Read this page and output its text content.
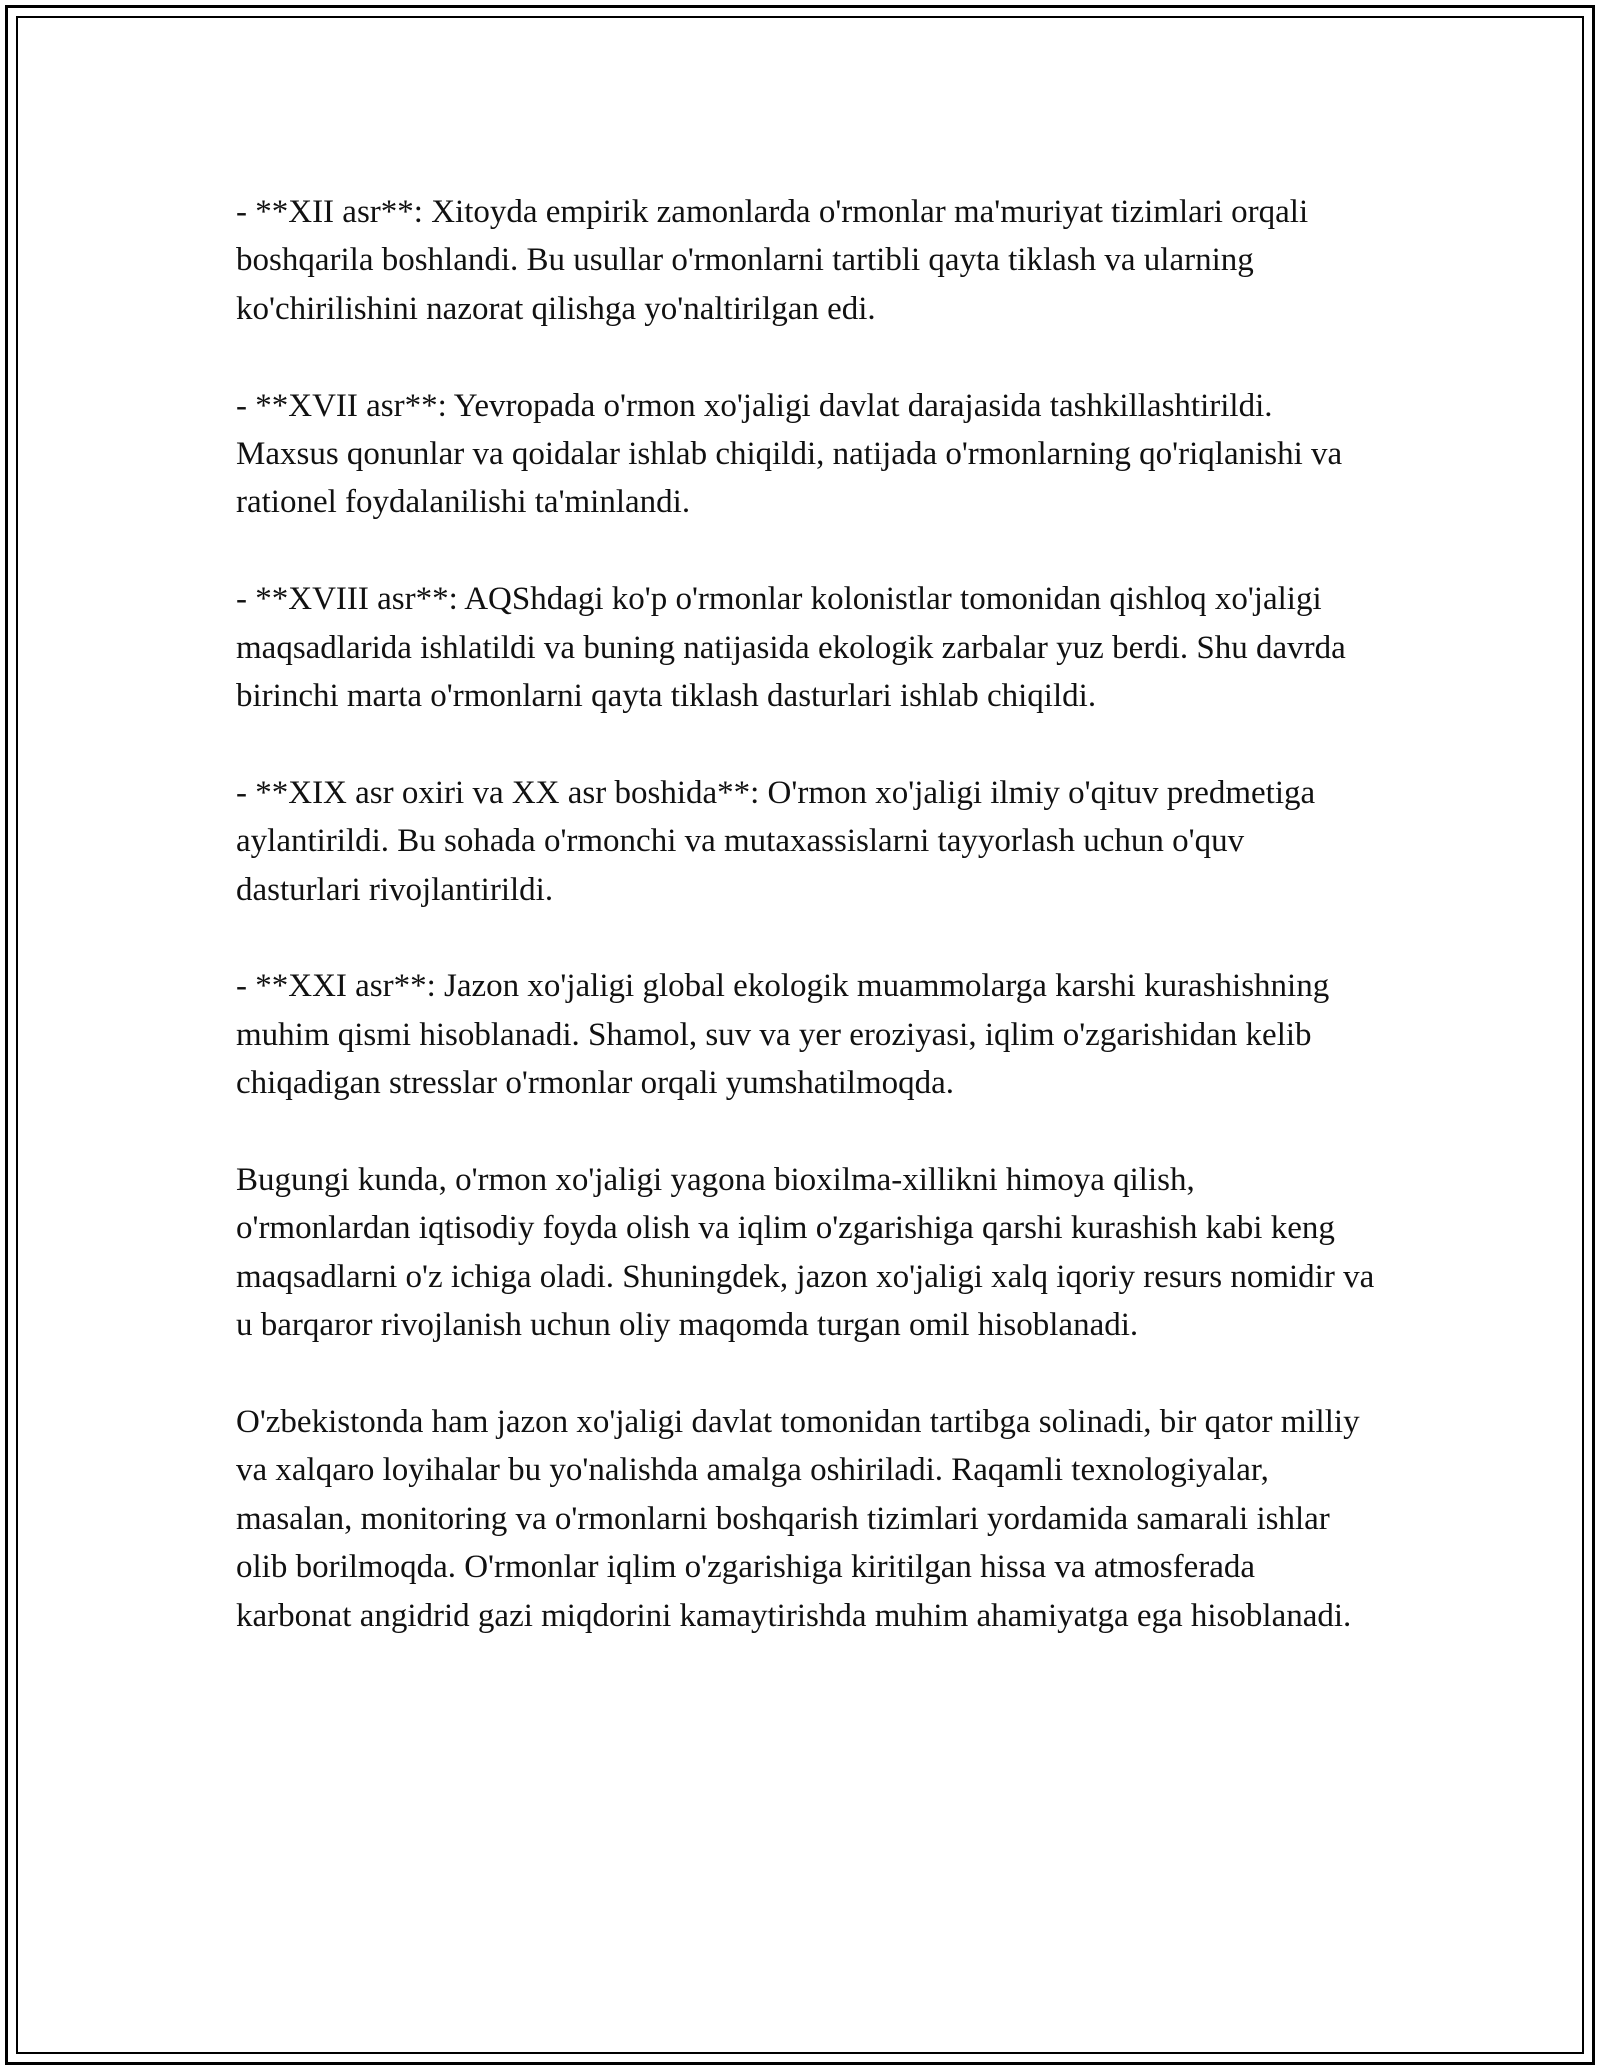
- **XII asr**: Xitoyda empirik zamonlarda o'rmonlar ma'muriyat tizimlari orqali boshqarila boshlandi. Bu usullar o'rmonlarni tartibli qayta tiklash va ularning ko'chirilishini nazorat qilishga yo'naltirilgan edi.

- **XVII asr**: Yevropada o'rmon xo'jaligi davlat darajasida tashkillashtirildi. Maxsus qonunlar va qoidalar ishlab chiqildi, natijada o'rmonlarning qo'riqlanishi va rationel foydalanilishi ta'minlandi.

- **XVIII asr**: AQShdagi ko'p o'rmonlar kolonistlar tomonidan qishloq xo'jaligi maqsadlarida ishlatildi va buning natijasida ekologik zarbalar yuz berdi. Shu davrda birinchi marta o'rmonlarni qayta tiklash dasturlari ishlab chiqildi.

- **XIX asr oxiri va XX asr boshida**: O'rmon xo'jaligi ilmiy o'qituv predmetiga aylantirildi. Bu sohada o'rmonchi va mutaxassislarni tayyorlash uchun o'quv dasturlari rivojlantirildi.

- **XXI asr**: Jazon xo'jaligi global ekologik muammolarga karshi kurashishning muhim qismi hisoblanadi. Shamol, suv va yer eroziyasi, iqlim o'zgarishidan kelib chiqadigan stresslar o'rmonlar orqali yumshatilmoqda.

Bugungi kunda, o'rmon xo'jaligi yagona bioxilma-xillikni himoya qilish, o'rmonlardan iqtisodiy foyda olish va iqlim o'zgarishiga qarshi kurashish kabi keng maqsadlarni o'z ichiga oladi. Shuningdek, jazon xo'jaligi xalq iqoriy resurs nomidir va u barqaror rivojlanish uchun oliy maqomda turgan omil hisoblanadi.

O'zbekistonda ham jazon xo'jaligi davlat tomonidan tartibga solinadi, bir qator milliy va xalqaro loyihalar bu yo'nalishda amalga oshiriladi. Raqamli texnologiyalar, masalan, monitoring va o'rmonlarni boshqarish tizimlari yordamida samarali ishlar olib borilmoqda. O'rmonlar iqlim o'zgarishiga kiritilgan hissa va atmosferada karbonat angidrid gazi miqdorini kamaytirishda muhim ahamiyatga ega hisoblanadi.
